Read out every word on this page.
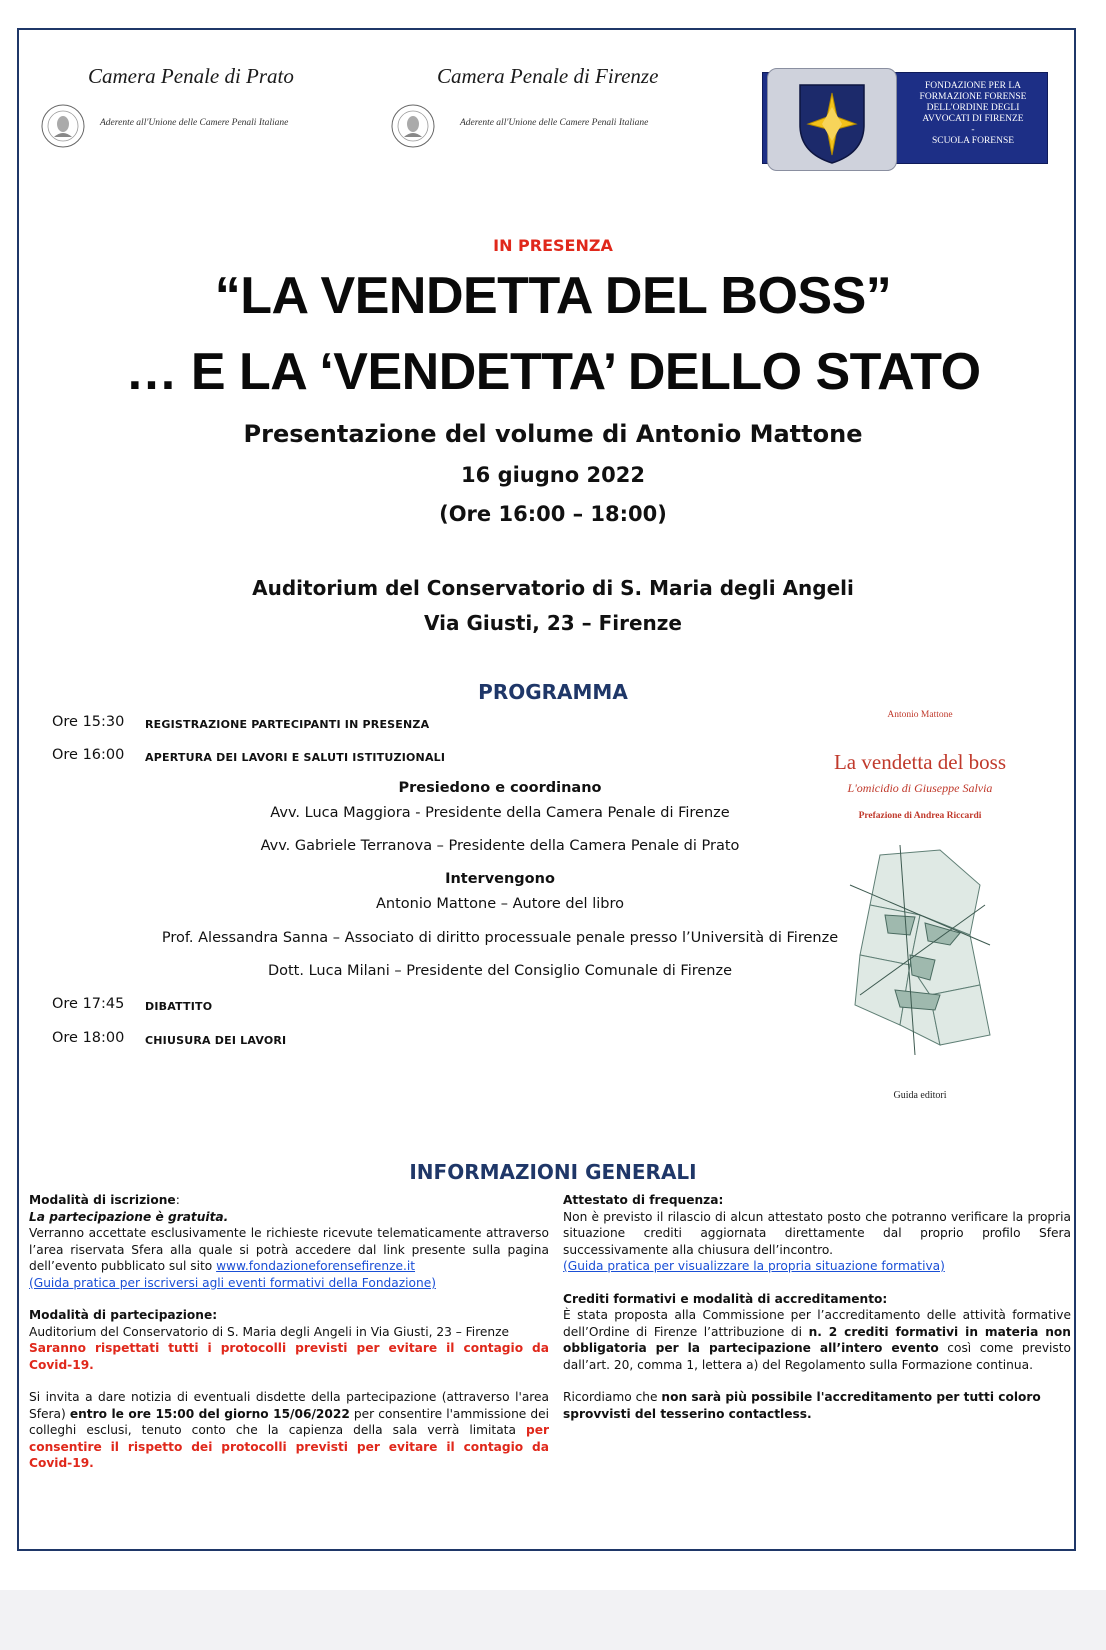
Camera Penale di Prato
Aderente all'Unione delle Camere Penali Italiane
Camera Penale di Firenze
Aderente all'Unione delle Camere Penali Italiane
FONDAZIONE PER LA
FORMAZIONE FORENSE
DELL'ORDINE DEGLI
AVVOCATI DI FIRENZE
-
SCUOLA FORENSE
IN PRESENZA
“LA VENDETTA DEL BOSS”
… E LA ‘VENDETTA’ DELLO STATO
Presentazione del volume di Antonio Mattone
16 giugno 2022
(Ore 16:00 – 18:00)
Auditorium del Conservatorio di S. Maria degli Angeli
Via Giusti, 23 – Firenze
PROGRAMMA
Ore 15:30 REGISTRAZIONE PARTECIPANTI IN PRESENZA
Ore 16:00 APERTURA DEI LAVORI E SALUTI ISTITUZIONALI
Presiedono e coordinano
Avv. Luca Maggiora - Presidente della Camera Penale di Firenze
Avv. Gabriele Terranova – Presidente della Camera Penale di Prato
Intervengono
Antonio Mattone – Autore del libro
Prof. Alessandra Sanna – Associato di diritto processuale penale presso l’Università di Firenze
Dott. Luca Milani – Presidente del Consiglio Comunale di Firenze
Ore 17:45 DIBATTITO
Ore 18:00 CHIUSURA DEI LAVORI
Antonio Mattone
La vendetta del boss
L'omicidio di Giuseppe Salvia
Prefazione di Andrea Riccardi
Guida editori
INFORMAZIONI GENERALI

Modalità di iscrizione:

La partecipazione è gratuita.

Verranno accettate esclusivamente le richieste ricevute telematicamente attraverso l’area riservata Sfera alla quale si potrà accedere dal link presente sulla pagina dell’evento pubblicato sul sito www.fondazioneforensefirenze.it

(Guida pratica per iscriversi agli eventi formativi della Fondazione)

Modalità di partecipazione:

Auditorium del Conservatorio di S. Maria degli Angeli in Via Giusti, 23 – Firenze

Saranno rispettati tutti i protocolli previsti per evitare il contagio da Covid-19.

Si invita a dare notizia di eventuali disdette della partecipazione (attraverso l'area Sfera) entro le ore 15:00 del giorno 15/06/2022 per consentire l'ammissione dei colleghi esclusi, tenuto conto che la capienza della sala verrà limitata per consentire il rispetto dei protocolli previsti per evitare il contagio da Covid-19.

Attestato di frequenza:

Non è previsto il rilascio di alcun attestato posto che potranno verificare la propria situazione crediti aggiornata direttamente dal proprio profilo Sfera successivamente alla chiusura dell’incontro.

(Guida pratica per visualizzare la propria situazione formativa)

Crediti formativi e modalità di accreditamento:

È stata proposta alla Commissione per l’accreditamento delle attività formative dell’Ordine di Firenze l’attribuzione di n. 2 crediti formativi in materia non obbligatoria per la partecipazione all’intero evento così come previsto dall’art. 20, comma 1, lettera a) del Regolamento sulla Formazione continua.

Ricordiamo che non sarà più possibile l'accreditamento per tutti coloro sprovvisti del tesserino contactless.
